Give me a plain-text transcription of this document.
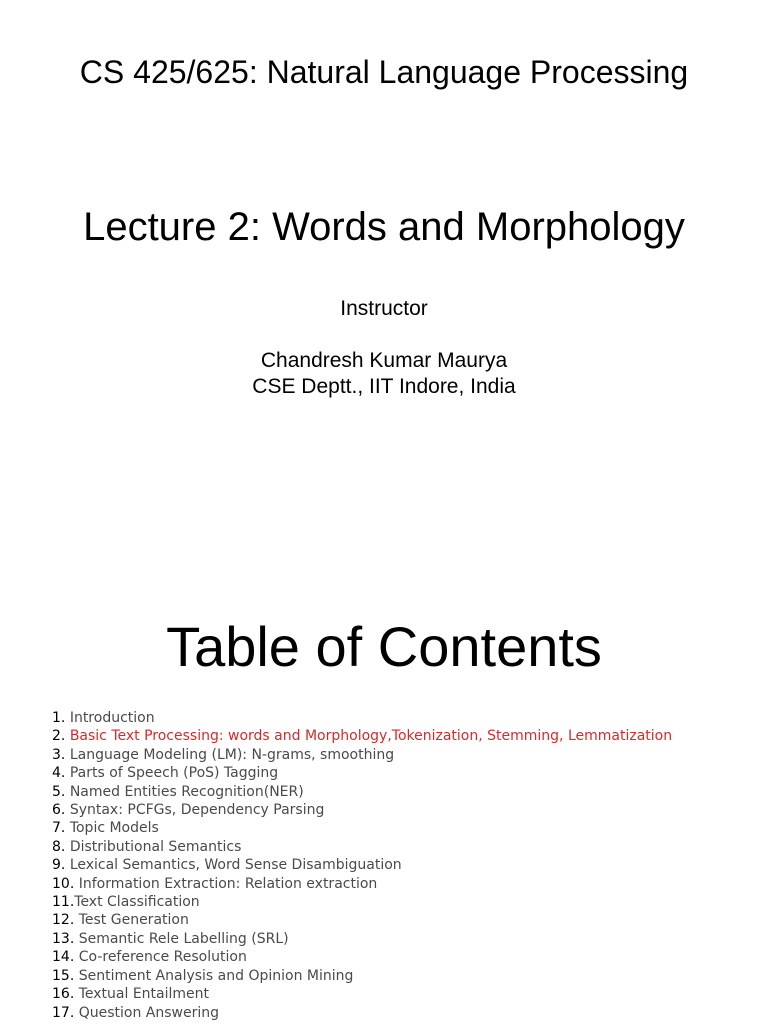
CS 425/625: Natural Language Processing
Lecture 2: Words and Morphology
Instructor
Chandresh Kumar Maurya
CSE Deptt., IIT Indore, India
Table of Contents
1. Introduction
2. Basic Text Processing: words and Morphology,Tokenization, Stemming, Lemmatization
3. Language Modeling (LM): N-grams, smoothing
4. Parts of Speech (PoS) Tagging
5. Named Entities Recognition(NER)
6. Syntax: PCFGs, Dependency Parsing
7. Topic Models
8. Distributional Semantics
9. Lexical Semantics, Word Sense Disambiguation
10. Information Extraction: Relation extraction
11.Text Classification
12. Test Generation
13. Semantic Rele Labelling (SRL)
14. Co-reference Resolution
15. Sentiment Analysis and Opinion Mining
16. Textual Entailment
17. Question Answering
